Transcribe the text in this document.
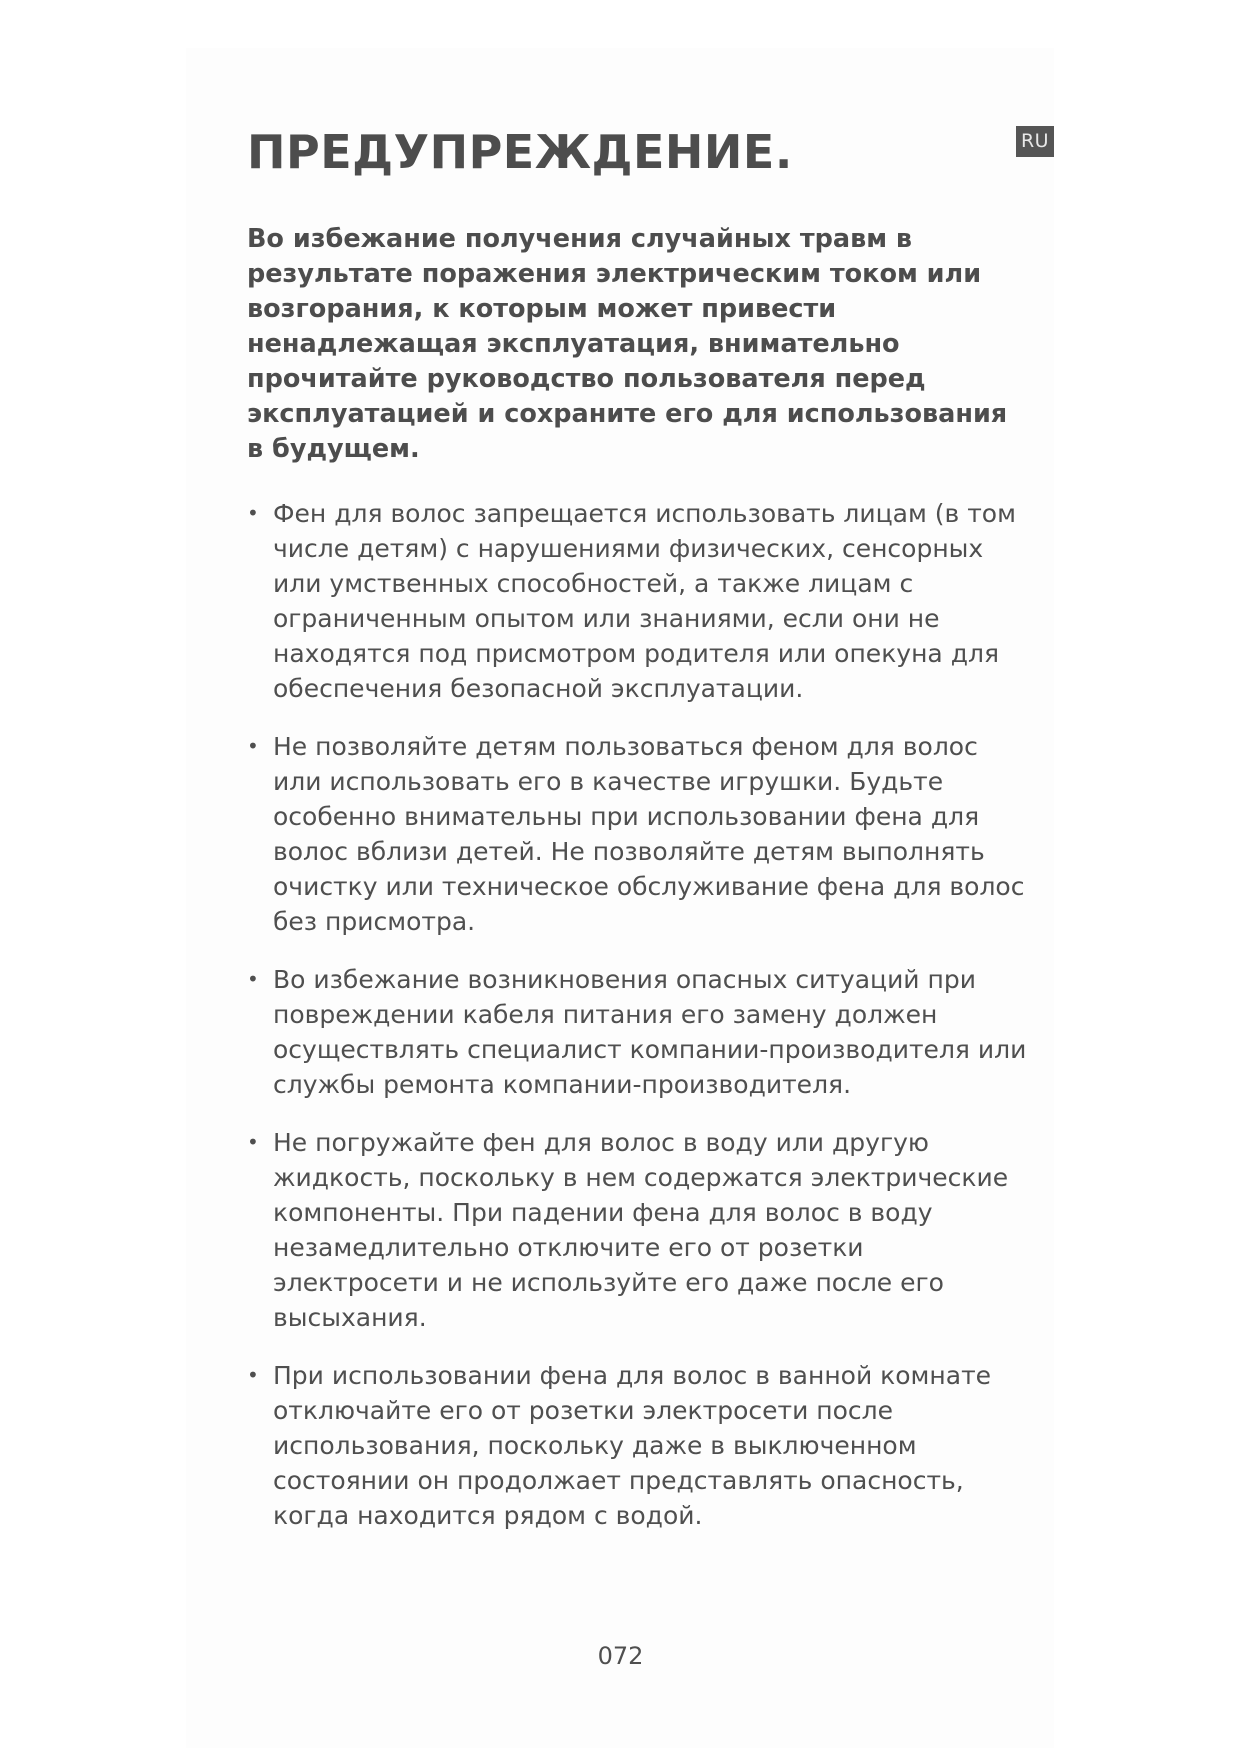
RU
ПРЕДУПРЕЖДЕНИЕ.

Во избежание получения случайных травм в результате поражения электрическим током или возгорания, к которым может привести ненадлежащая эксплуатация, внимательно прочитайте руководство пользователя перед эксплуатацией и сохраните его для использования в будущем.

• Фен для волос запрещается использовать лицам (в том числе детям) с нарушениями физических, сенсорных или умственных способностей, а также лицам с ограниченным опытом или знаниями, если они не находятся под присмотром родителя или опекуна для обеспечения безопасной эксплуатации.
• Не позволяйте детям пользоваться феном для волос или использовать его в качестве игрушки. Будьте особенно внимательны при использовании фена для волос вблизи детей. Не позволяйте детям выполнять очистку или техническое обслуживание фена для волос без присмотра.
• Во избежание возникновения опасных ситуаций при повреждении кабеля питания его замену должен осуществлять специалист компании-производителя или службы ремонта компании-производителя.
• Не погружайте фен для волос в воду или другую жидкость, поскольку в нем содержатся электрические компоненты. При падении фена для волос в воду незамедлительно отключите его от розетки электросети и не используйте его даже после его высыхания.
• При использовании фена для волос в ванной комнате отключайте его от розетки электросети после использования, поскольку даже в выключенном состоянии он продолжает представлять опасность, когда находится рядом с водой.
072
